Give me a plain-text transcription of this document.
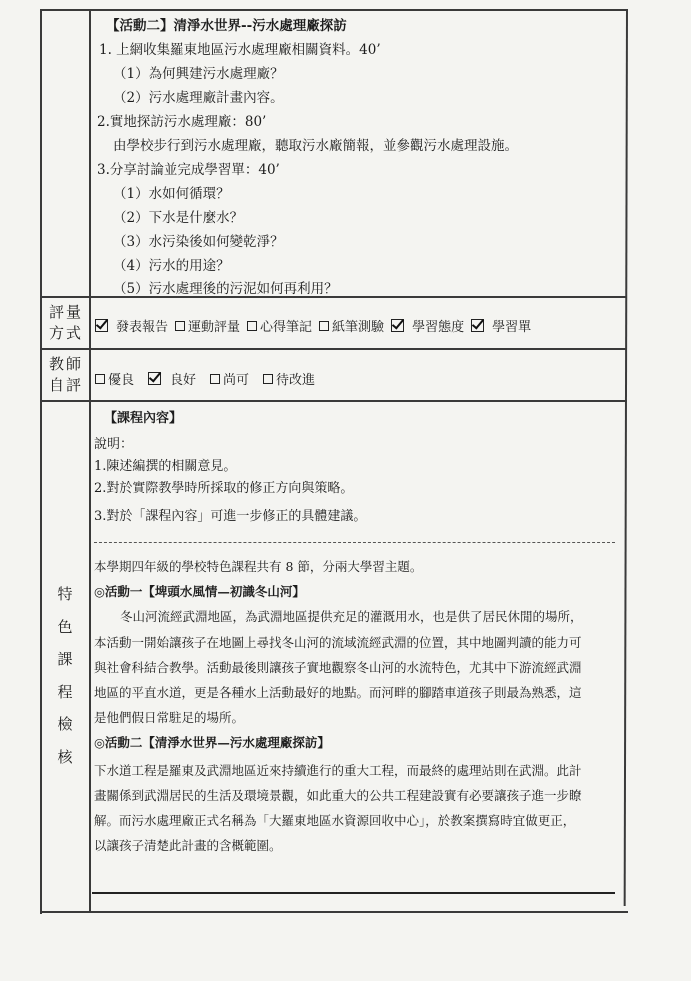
【活動二】清淨水世界--污水處理廠探訪
1. 上網收集羅東地區污水處理廠相關資料。40’
（1）為何興建污水處理廠？
（2）污水處理廠計畫內容。
2.實地探訪污水處理廠：80’
由學校步行到污水處理廠，聽取污水廠簡報，並參觀污水處理設施。
3.分享討論並完成學習單：40’
（1）水如何循環？
（2）下水是什麼水？
（3）水污染後如何變乾淨？
（4）污水的用途？
（5）污水處理後的污泥如何再利用？
評量
方式	發表報告 運動評量 心得筆記 紙筆測驗 學習態度 學習單
教師
自評 優良	良好 尚可 待改進
特
色
課
程
檢
核
【課程內容】
說明：
1.陳述編撰的相關意見。
2.對於實際教學時所採取的修正方向與策略。
3.對於「課程內容」可進一步修正的具體建議。

本學期四年級的學校特色課程共有 8 節，分兩大學習主題。

◎活動一【埤頭水風情—初識冬山河】

冬山河流經武淵地區，為武淵地區提供充足的灌溉用水，也是供了居民休閒的場所，

本活動一開始讓孩子在地圖上尋找冬山河的流域流經武淵的位置，其中地圖判讀的能力可

與社會科結合教學。活動最後則讓孩子實地觀察冬山河的水流特色，尤其中下游流經武淵

地區的平直水道，更是各種水上活動最好的地點。而河畔的腳踏車道孩子則最為熟悉，這

是他們假日常駐足的場所。

◎活動二【清淨水世界—污水處理廠探訪】

下水道工程是羅東及武淵地區近來持續進行的重大工程，而最終的處理站則在武淵。此計

畫關係到武淵居民的生活及環境景觀，如此重大的公共工程建設實有必要讓孩子進一步瞭

解。而污水處理廠正式名稱為「大羅東地區水資源回收中心」，於教案撰寫時宜做更正，

以讓孩子清楚此計畫的含概範圍。
